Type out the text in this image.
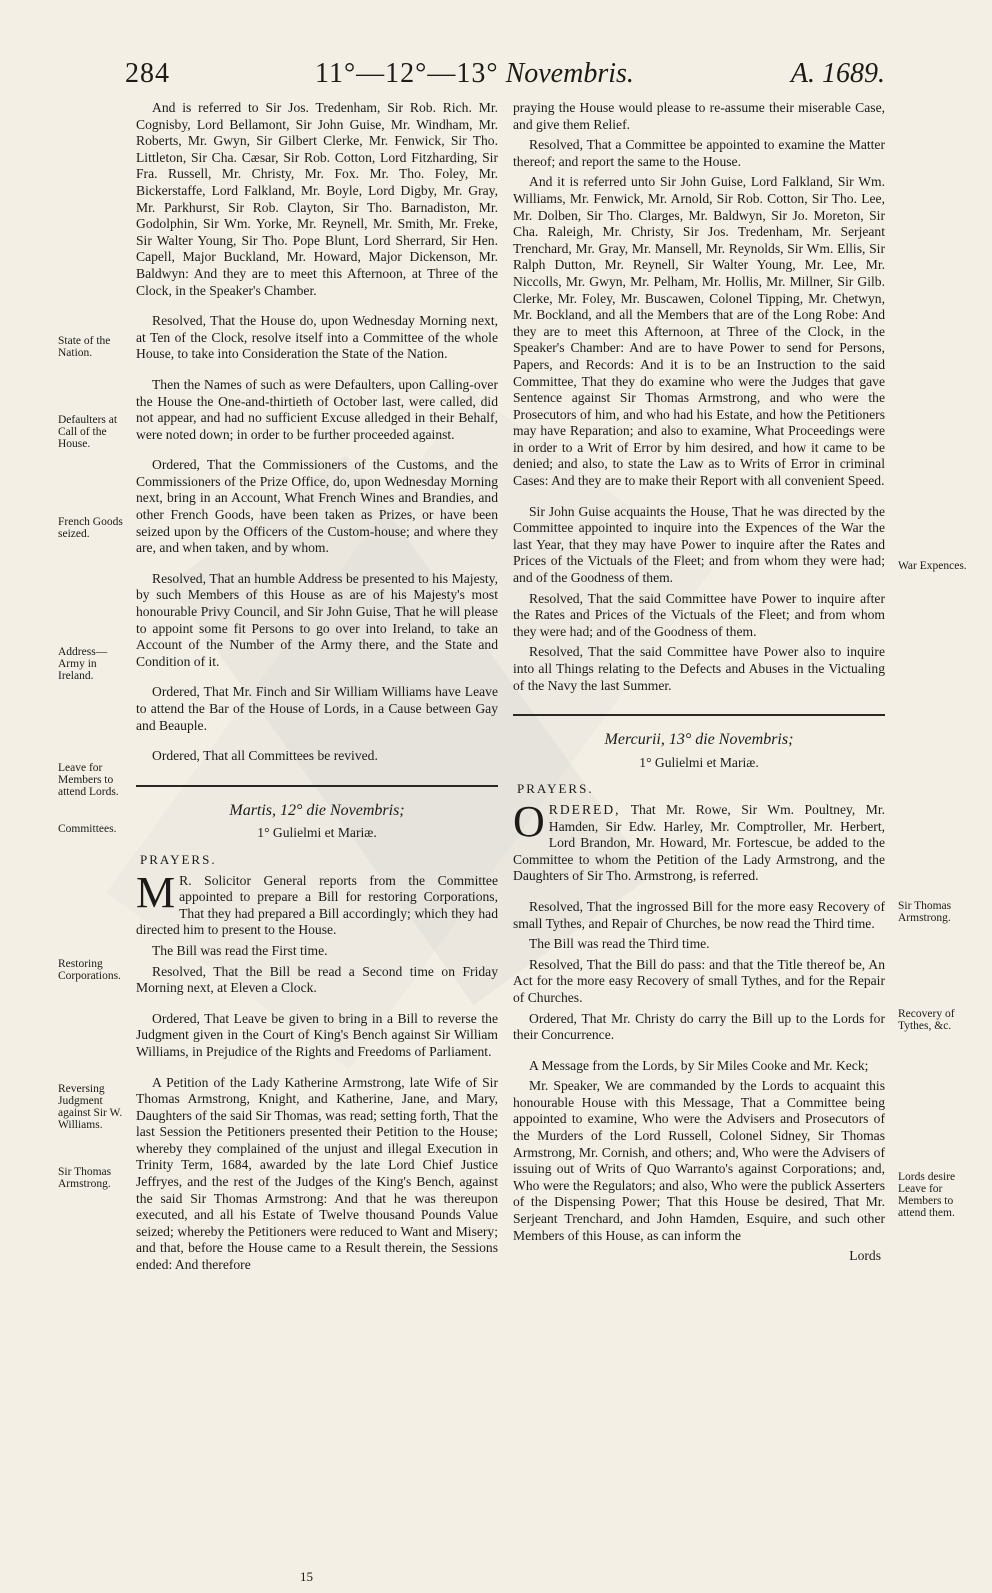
284	11°—12°—13° Novembris.	A. 1689.

And is referred to Sir Jos. Tredenham, Sir Rob. Rich. Mr. Cognisby, Lord Bellamont, Sir John Guise, Mr. Windham, Mr. Roberts, Mr. Gwyn, Sir Gilbert Clerke, Mr. Fenwick, Sir Tho. Littleton, Sir Cha. Cæsar, Sir Rob. Cotton, Lord Fitzharding, Sir Fra. Russell, Mr. Christy, Mr. Fox. Mr. Tho. Foley, Mr. Bickerstaffe, Lord Falkland, Mr. Boyle, Lord Digby, Mr. Gray, Mr. Parkhurst, Sir Rob. Clayton, Sir Tho. Barnadiston, Mr. Godolphin, Sir Wm. Yorke, Mr. Reynell, Mr. Smith, Mr. Freke, Sir Walter Young, Sir Tho. Pope Blunt, Lord Sherrard, Sir Hen. Capell, Major Buckland, Mr. Howard, Major Dickenson, Mr. Baldwyn: And they are to meet this Afternoon, at Three of the Clock, in the Speaker's Chamber.

Resolved, That the House do, upon Wednesday Morning next, at Ten of the Clock, resolve itself into a Committee of the whole House, to take into Consideration the State of the Nation.

Then the Names of such as were Defaulters, upon Calling-over the House the One-and-thirtieth of October last, were called, did not appear, and had no sufficient Excuse alledged in their Behalf, were noted down; in order to be further proceeded against.

Ordered, That the Commissioners of the Customs, and the Commissioners of the Prize Office, do, upon Wednesday Morning next, bring in an Account, What French Wines and Brandies, and other French Goods, have been taken as Prizes, or have been seized upon by the Officers of the Custom-house; and where they are, and when taken, and by whom.

Resolved, That an humble Address be presented to his Majesty, by such Members of this House as are of his Majesty's most honourable Privy Council, and Sir John Guise, That he will please to appoint some fit Persons to go over into Ireland, to take an Account of the Number of the Army there, and the State and Condition of it.

Ordered, That Mr. Finch and Sir William Williams have Leave to attend the Bar of the House of Lords, in a Cause between Gay and Beauple.

Ordered, That all Committees be revived.

Martis, 12° die Novembris;
1° Gulielmi et Mariæ.
PRAYERS.

M R. Solicitor General reports from the Committee appointed to prepare a Bill for restoring Corporations, That they had prepared a Bill accordingly; which they had directed him to present to the House.

The Bill was read the First time.

Resolved, That the Bill be read a Second time on Friday Morning next, at Eleven a Clock.

Ordered, That Leave be given to bring in a Bill to reverse the Judgment given in the Court of King's Bench against Sir William Williams, in Prejudice of the Rights and Freedoms of Parliament.

A Petition of the Lady Katherine Armstrong, late Wife of Sir Thomas Armstrong, Knight, and Katherine, Jane, and Mary, Daughters of the said Sir Thomas, was read; setting forth, That the last Session the Petitioners presented their Petition to the House; whereby they complained of the unjust and illegal Execution in Trinity Term, 1684, awarded by the late Lord Chief Justice Jeffryes, and the rest of the Judges of the King's Bench, against the said Sir Thomas Armstrong: And that he was thereupon executed, and all his Estate of Twelve thousand Pounds Value seized; whereby the Petitioners were reduced to Want and Misery; and that, before the House came to a Result therein, the Sessions ended: And therefore

15

praying the House would please to re-assume their miserable Case, and give them Relief.

Resolved, That a Committee be appointed to examine the Matter thereof; and report the same to the House.

And it is referred unto Sir John Guise, Lord Falkland, Sir Wm. Williams, Mr. Fenwick, Mr. Arnold, Sir Rob. Cotton, Sir Tho. Lee, Mr. Dolben, Sir Tho. Clarges, Mr. Baldwyn, Sir Jo. Moreton, Sir Cha. Raleigh, Mr. Christy, Sir Jos. Tredenham, Mr. Serjeant Trenchard, Mr. Gray, Mr. Mansell, Mr. Reynolds, Sir Wm. Ellis, Sir Ralph Dutton, Mr. Reynell, Sir Walter Young, Mr. Lee, Mr. Niccolls, Mr. Gwyn, Mr. Pelham, Mr. Hollis, Mr. Millner, Sir Gilb. Clerke, Mr. Foley, Mr. Buscawen, Colonel Tipping, Mr. Chetwyn, Mr. Bockland, and all the Members that are of the Long Robe: And they are to meet this Afternoon, at Three of the Clock, in the Speaker's Chamber: And are to have Power to send for Persons, Papers, and Records: And it is to be an Instruction to the said Committee, That they do examine who were the Judges that gave Sentence against Sir Thomas Armstrong, and who were the Prosecutors of him, and who had his Estate, and how the Petitioners may have Reparation; and also to examine, What Proceedings were in order to a Writ of Error by him desired, and how it came to be denied; and also, to state the Law as to Writs of Error in criminal Cases: And they are to make their Report with all convenient Speed.

Sir John Guise acquaints the House, That he was directed by the Committee appointed to inquire into the Expences of the War the last Year, that they may have Power to inquire after the Rates and Prices of the Victuals of the Fleet; and from whom they were had; and of the Goodness of them.

Resolved, That the said Committee have Power to inquire after the Rates and Prices of the Victuals of the Fleet; and from whom they were had; and of the Goodness of them.

Resolved, That the said Committee have Power also to inquire into all Things relating to the Defects and Abuses in the Victualing of the Navy the last Summer.

Mercurii, 13° die Novembris;
1° Gulielmi et Mariæ.
PRAYERS.

ORDERED, That Mr. Rowe, Sir Wm. Poultney, Mr. Hamden, Sir Edw. Harley, Mr. Comptroller, Mr. Herbert, Lord Brandon, Mr. Howard, Mr. Fortescue, be added to the Committee to whom the Petition of the Lady Armstrong, and the Daughters of Sir Tho. Armstrong, is referred.

Resolved, That the ingrossed Bill for the more easy Recovery of small Tythes, and Repair of Churches, be now read the Third time.

The Bill was read the Third time.

Resolved, That the Bill do pass: and that the Title thereof be, An Act for the more easy Recovery of small Tythes, and for the Repair of Churches.

Ordered, That Mr. Christy do carry the Bill up to the Lords for their Concurrence.

A Message from the Lords, by Sir Miles Cooke and Mr. Keck;

Mr. Speaker, We are commanded by the Lords to acquaint this honourable House with this Message, That a Committee being appointed to examine, Who were the Advisers and Prosecutors of the Murders of the Lord Russell, Colonel Sidney, Sir Thomas Armstrong, Mr. Cornish, and others; and, Who were the Advisers of issuing out of Writs of Quo Warranto's against Corporations; and, Who were the Regulators; and also, Who were the publick Asserters of the Dispensing Power; That this House be desired, That Mr. Serjeant Trenchard, and John Hamden, Esquire, and such other Members of this House, as can inform the

Lords
State of the Nation.
Defaulters at Call of the House.
French Goods seized.
Address— Army in Ireland.
Leave for Members to attend Lords.
Committees.
Restoring Corporations.
Reversing Judgment against Sir W. Williams.
Sir Thomas Armstrong.
War Expences.
Sir Thomas Armstrong.
Recovery of Tythes, &c.
Lords desire Leave for Members to attend them.
